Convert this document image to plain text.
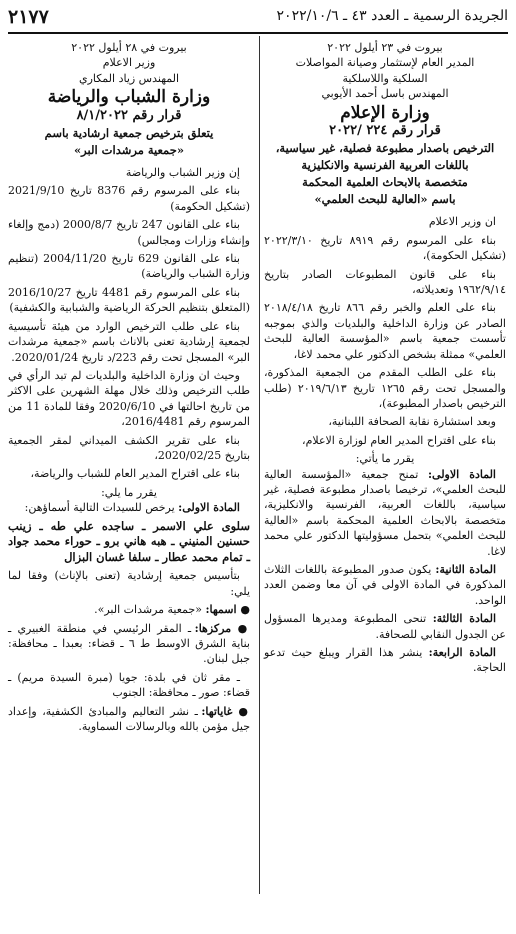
الجريدة الرسمية ـ العدد ٤٣ ـ ٢٠٢٢/١٠/٦
٢١٧٧

بيروت في ٢٣ أيلول ٢٠٢٢

المدير العام لإستثمار وصيانة المواصلات

السلكية واللاسلكية

المهندس باسل أحمد الأيوبي

وزارة الإعلام
قرار رقم ٢٢٤ /٢٠٢٢
الترخيص باصدار مطبوعة فصلية، غير سياسية،
باللغات العربية الفرنسية والانكليزية
متخصصة بالابحاث العلمية المحكمة
باسم «العالية للبحث العلمي»

ان وزير الاعلام

بناء على المرسوم رقم ٨٩١٩ تاريخ ٢٠٢٢/٣/١٠ (تشكيل الحكومة)،

بناء على قانون المطبوعات الصادر بتاريخ ١٩٦٢/٩/١٤ وتعديلاته،

بناء على العلم والخبر رقم ٨٦٦ تاريخ ٢٠١٨/٤/١٨ الصادر عن وزارة الداخلية والبلديات والذي بموجبه تأسست جمعية باسم «المؤسسة العالية للبحث العلمي» ممثلة بشخص الدكتور علي محمد لاغا،

بناء على الطلب المقدم من الجمعية المذكورة، والمسجل تحت رقم ١٢٦٥ تاريخ ٢٠١٩/٦/١٣ (طلب الترخيص باصدار المطبوعة)،

وبعد استشارة نقابة الصحافة اللبنانية،

بناء على اقتراح المدير العام لوزارة الاعلام،

يقرر ما يأتي:

المادة الاولى: تمنح جمعية «المؤسسة العالية للبحث العلمي»، ترخيصا باصدار مطبوعة فصلية، غير سياسية، باللغات العربية، الفرنسية والانكليزية، متخصصة بالابحاث العلمية المحكمة باسم «العالية للبحث العلمي» بتحمل مسؤوليتها الدكتور علي محمد لاغا.

المادة الثانية: يكون صدور المطبوعة باللغات الثلاث المذكورة في المادة الاولى في آن معا وضمن العدد الواحد.

المادة الثالثة: تنحى المطبوعة ومديرها المسؤول عن الجدول النقابي للصحافة.

المادة الرابعة: ينشر هذا القرار ويبلغ حيث تدعو الحاجة.

بيروت في ٢٨ أيلول ٢٠٢٢

وزير الاعلام

المهندس زياد المكاري

وزارة الشباب والرياضة
قرار رقم ٨/١/٢٠٢٢
يتعلق بترخيص جمعية ارشادية باسم
«جمعية مرشدات البر»

إن وزير الشباب والرياضة

بناء على المرسوم رقم 8376 تاريخ 2021/9/10 (تشكيل الحكومة)

بناء على القانون 247 تاريخ 2000/8/7 (دمج وإلغاء وإنشاء وزارات ومجالس)

بناء على القانون 629 تاريخ 2004/11/20 (تنظيم وزارة الشباب والرياضة)

بناء على المرسوم رقم 4481 تاريخ 2016/10/27 (المتعلق بتنظيم الحركة الرياضية والشبابية والكشفية)

بناء على طلب الترخيص الوارد من هيئة تأسيسية لجمعية إرشادية تعنى بالاناث باسم «جمعية مرشدات البر» المسجل تحت رقم 223/د تاريخ 2020/01/24.

وحيث ان وزارة الداخلية والبلديات لم تبد الرأي في طلب الترخيص وذلك خلال مهلة الشهرين على الاكثر من تاريخ احالتها في 2020/6/10 وفقا للمادة 11 من المرسوم رقم 2016/4481،

بناء على تقرير الكشف الميداني لمقر الجمعية بتاريخ 2020/02/25،

بناء على اقتراح المدير العام للشباب والرياضة،

يقرر ما يلي:

المادة الاولى: يرخص للسيدات التالية أسماؤهن:

سلوى علي الاسمر ـ ساجده علي طه ـ زينب حسنين المنيني ـ هبه هاني برو ـ حوراء محمد جواد ـ تمام محمد عطار ـ سلفا غسان البزال

بتأسيس جمعية إرشادية (تعنى بالإناث) وفقا لما يلي:

● اسمها: «جمعية مرشدات البر».

● مركزها: ـ المقر الرئيسي في منطقة الغبيري ـ بناية الشرق الاوسط ط ٦ ـ قضاء: بعبدا ـ محافظة: جبل لبنان.

ـ مقر ثان في بلدة: جويا (مبرة السيدة مريم) ـ قضاء: صور ـ محافظة: الجنوب

● غاياتها: ـ نشر التعاليم والمبادئ الكشفية، وإعداد جيل مؤمن بالله وبالرسالات السماوية.
